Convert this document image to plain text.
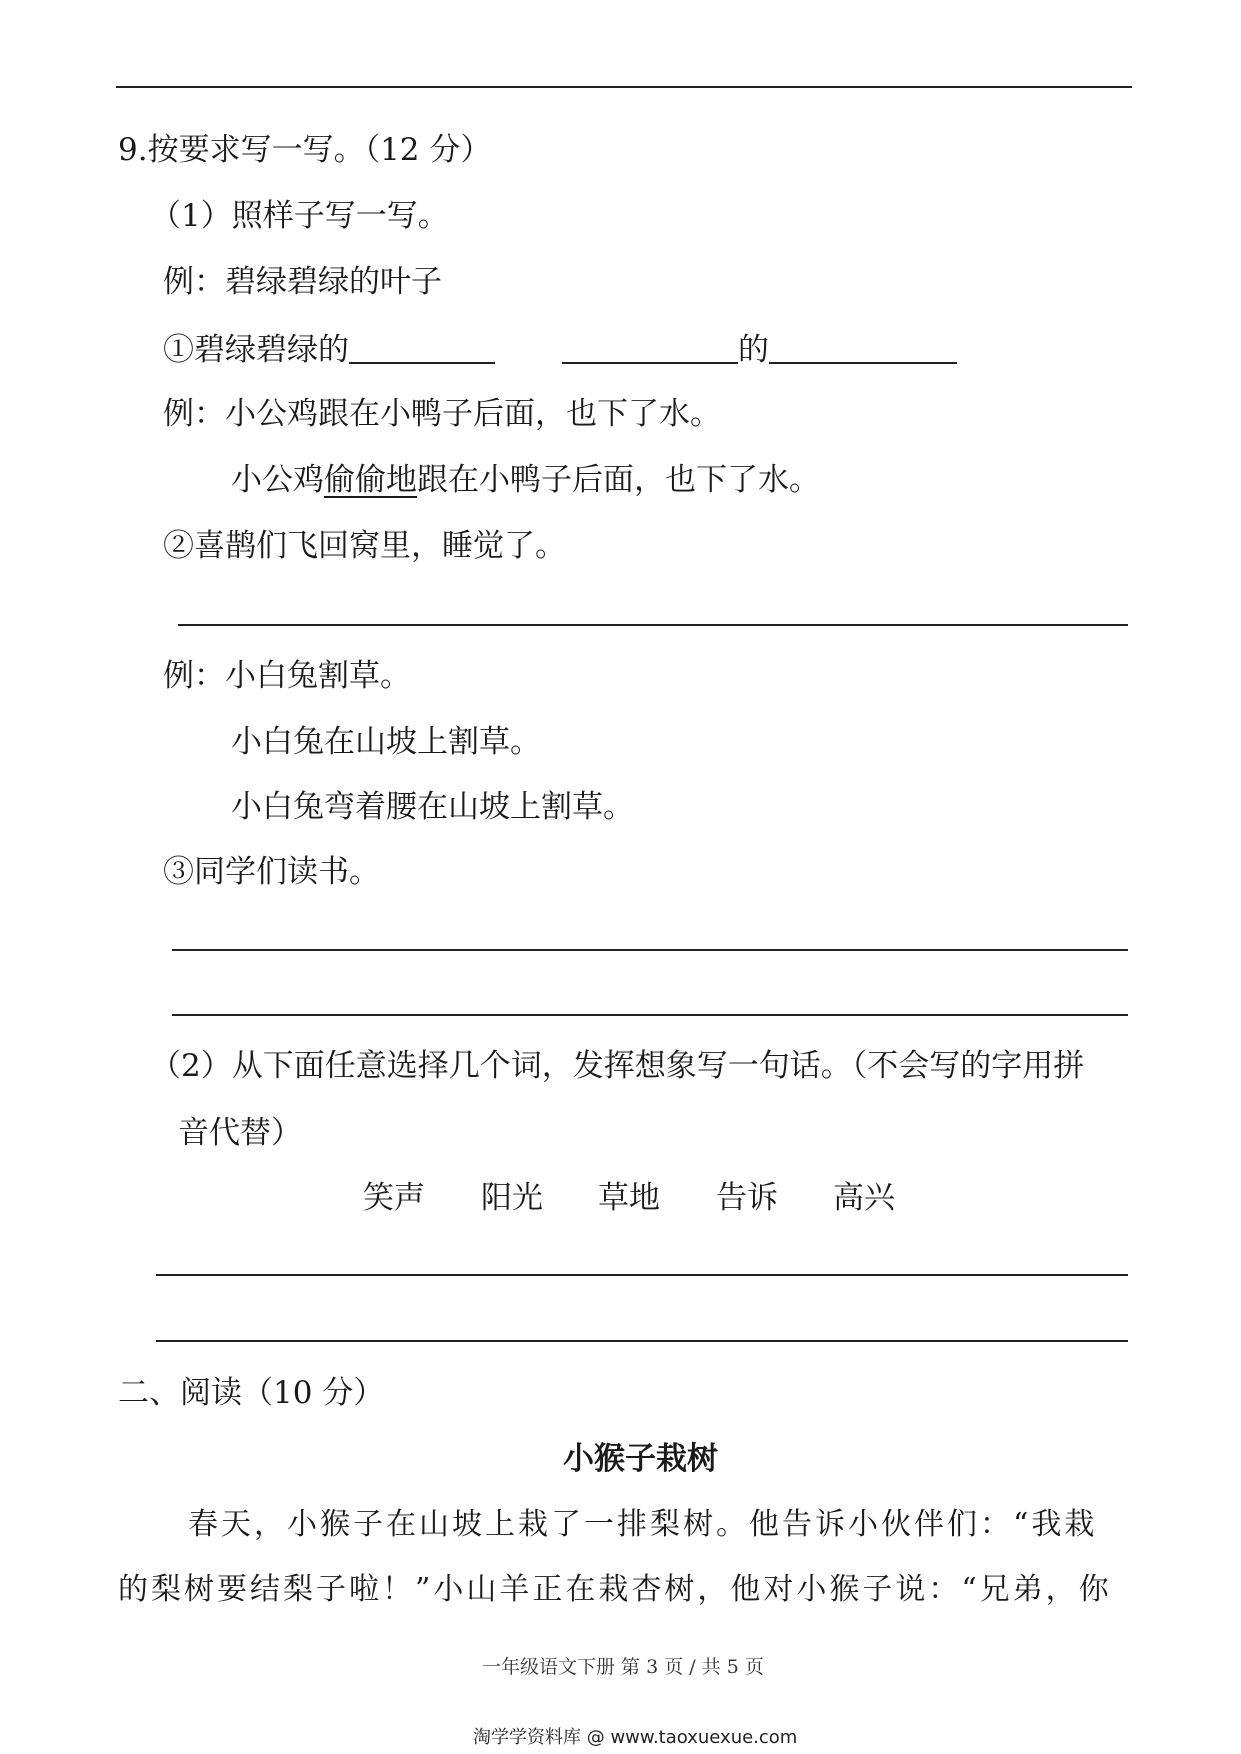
9.按要求写一写。（12 分）
（1）照样子写一写。
例：碧绿碧绿的叶子
①碧绿碧绿的	的
例：小公鸡跟在小鸭子后面，也下了水。
小公鸡偷偷地跟在小鸭子后面，也下了水。
②喜鹊们飞回窝里，睡觉了。
例：小白兔割草。
小白兔在山坡上割草。
小白兔弯着腰在山坡上割草。
③同学们读书。
（2）从下面任意选择几个词，发挥想象写一句话。（不会写的字用拼
音代替）
笑声 阳光 草地 告诉 高兴
二、阅读（10 分）
小猴子栽树
春天，小猴子在山坡上栽了一排梨树。他告诉小伙伴们：“我栽
的梨树要结梨子啦！”小山羊正在栽杏树，他对小猴子说：“兄弟，你
一年级语文下册 第 3 页 / 共 5 页
淘学学资料库 @ www.taoxuexue.com
